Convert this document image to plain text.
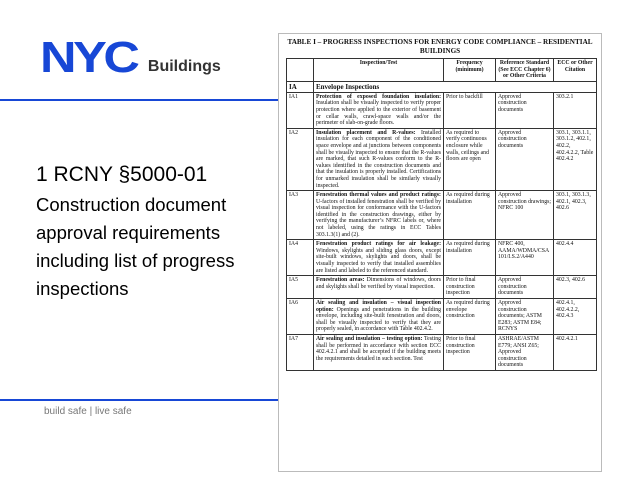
NYC Buildings
1 RCNY §5000-01
Construction document approval requirements including list of progress inspections
build safe | live safe
TABLE I – PROGRESS INSPECTIONS FOR ENERGY CODE COMPLIANCE – RESIDENTIAL BUILDINGS
	Inspection/Test	Frequency (minimum)	Reference Standard (See ECC Chapter 6) or Other Criteria	ECC or Other Citation
IA	Envelope Inspections			
IA1	Protection of exposed foundation insulation: Insulation shall be visually inspected to verify proper protection where applied to the exterior of basement or cellar walls, crawl-space walls and/or the perimeter of slab-on-grade floors.	Prior to backfill	Approved construction documents	303.2.1
IA2	Insulation placement and R-values: Installed insulation for each component of the conditioned space envelope and at junctions between components shall be visually inspected to ensure that the R-values are marked, that such R-values conform to the R-values identified in the construction documents and that the insulation is properly installed. Certifications for unmarked insulation shall be similarly visually inspected.	As required to verify continuous enclosure while walls, ceilings and floors are open	Approved construction documents	303.1, 303.1.1, 303.1.2, 402.1, 402.2, 402.4.2.2, Table 402.4.2
IA3	Fenestration thermal values and product ratings: U-factors of installed fenestration shall be verified by visual inspection for conformance with the U-factors identified in the construction drawings, either by verifying the manufacturer’s NFRC labels or, where not labeled, using the ratings in ECC Tables 303.1.3(1) and (2).	As required during installation	Approved construction drawings; NFRC 100	303.1, 303.1.3, 402.1, 402.3, 402.6
IA4	Fenestration product ratings for air leakage: Windows, skylights and sliding glass doors, except site-built windows, skylights and doors, shall be visually inspected to verify that installed assemblies are listed and labeled to the referenced standard.	As required during installation	NFRC 400, AAMA/WDMA/CSA 101/I.S.2/A440	402.4.4
IA5	Fenestration areas: Dimensions of windows, doors and skylights shall be verified by visual inspection.	Prior to final construction inspection	Approved construction documents	402.3, 402.6
IA6	Air sealing and insulation – visual inspection option: Openings and penetrations in the building envelope, including site-built fenestration and doors, shall be visually inspected to verify that they are properly sealed, in accordance with Table 402.4.2.	As required during envelope construction	Approved construction documents; ASTM E283; ASTM E84; RCNYS	402.4.1, 402.4.2.2, 402.4.3
IA7	Air sealing and insulation – testing option: Testing shall be performed in accordance with section ECC 402.4.2.1 and shall be accepted if the building meets the requirements detailed in such section. Test	Prior to final construction inspection	ASHRAE/ASTM E779; ANSI Z65; Approved construction documents	402.4.2.1
